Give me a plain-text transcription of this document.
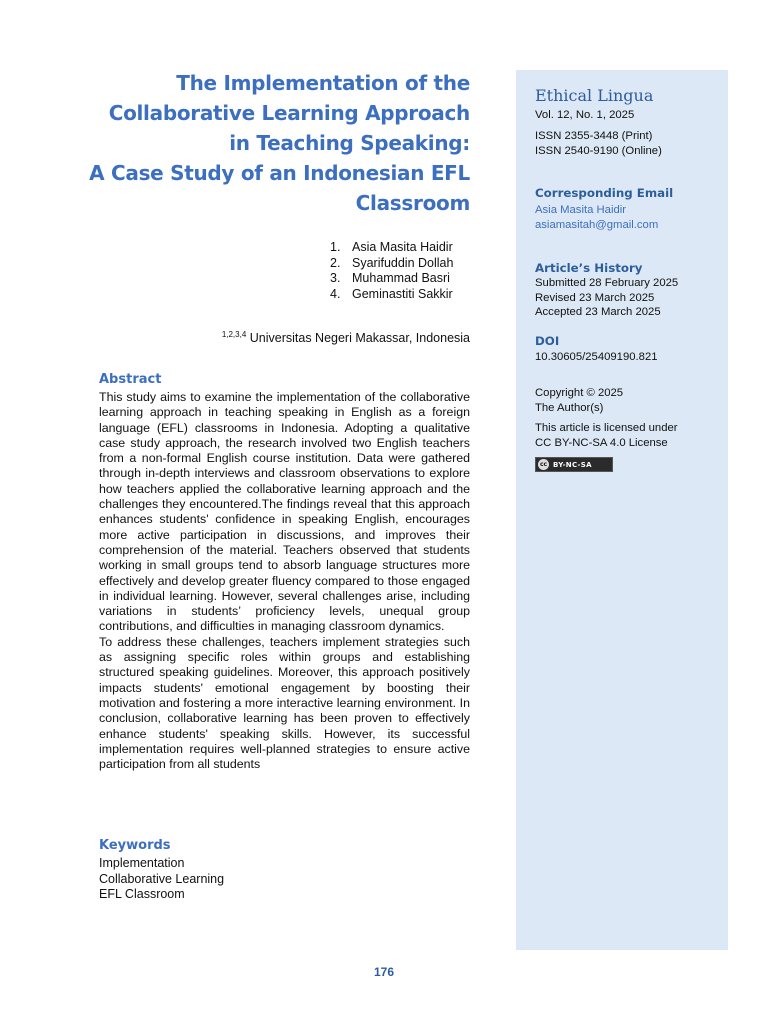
The Implementation of the
Collaborative Learning Approach
in Teaching Speaking:
A Case Study of an Indonesian EFL
Classroom
1. Asia Masita Haidir
2. Syarifuddin Dollah
3. Muhammad Basri
4. Geminastiti Sakkir
$^{1,2,3,4}$ Universitas Negeri Makassar, Indonesia
Abstract

This study aims to examine the implementation of the collaborative learning approach in teaching speaking in English as a foreign language (EFL) classrooms in Indonesia. Adopting a qualitative case study approach, the research involved two English teachers from a non-formal English course institution. Data were gathered through in-depth interviews and classroom observations to explore how teachers applied the collaborative learning approach and the challenges they encountered.The findings reveal that this approach enhances students' confidence in speaking English, encourages more active participation in discussions, and improves their comprehension of the material. Teachers observed that students working in small groups tend to absorb language structures more effectively and develop greater fluency compared to those engaged in individual learning. However, several challenges arise, including variations in students’ proficiency levels, unequal group contributions, and difficulties in managing classroom dynamics.

To address these challenges, teachers implement strategies such as assigning specific roles within groups and establishing structured speaking guidelines. Moreover, this approach positively impacts students' emotional engagement by boosting their motivation and fostering a more interactive learning environment. In conclusion, collaborative learning has been proven to effectively enhance students' speaking skills. However, its successful implementation requires well-planned strategies to ensure active participation from all students

Keywords
Implementation
Collaborative Learning
EFL Classroom
Ethical Lingua
Vol. 12, No. 1, 2025
ISSN 2355-3448 (Print)
ISSN 2540-9190 (Online)
Corresponding Email
Asia Masita Haidir
asiamasitah@gmail.com
Article’s History
Submitted 28 February 2025
Revised 23 March 2025
Accepted 23 March 2025
DOI
10.30605/25409190.821
Copyright © 2025
The Author(s)
This article is licensed under
CC BY-NC-SA 4.0 License
cc BY-NC-SA
176
